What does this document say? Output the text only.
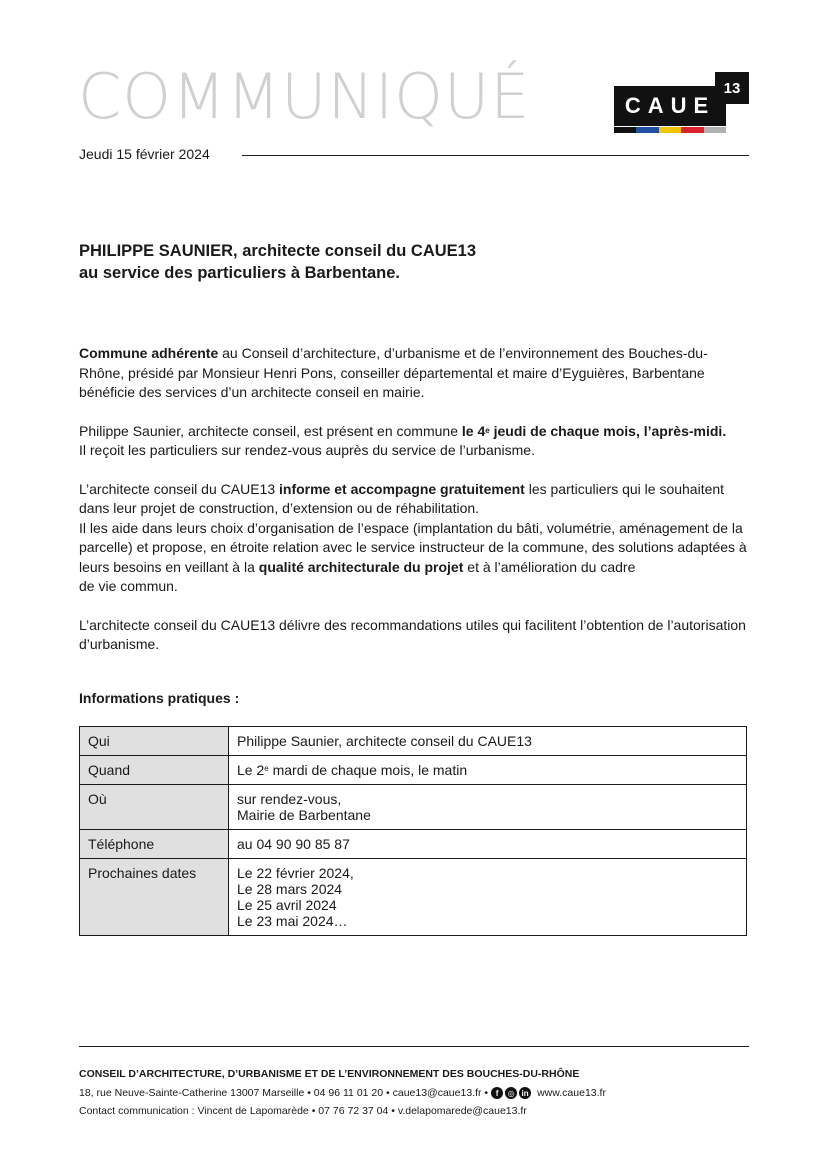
COMMUNIQUÉ
Jeudi 15 février 2024
CAUE
13
PHILIPPE SAUNIER, architecte conseil du CAUE13
au service des particuliers à Barbentane.

Commune adhérente au Conseil d’architecture, d’urbanisme et de l’environnement des Bouches-du-Rhône, présidé par Monsieur Henri Pons, conseiller départemental et maire d’Eyguières, Barbentane bénéficie des services d’un architecte conseil en mairie.

Philippe Saunier, architecte conseil, est présent en commune le 4e jeudi de chaque mois, l’après-midi.
Il reçoit les particuliers sur rendez-vous auprès du service de l’urbanisme.

L’architecte conseil du CAUE13 informe et accompagne gratuitement les particuliers qui le souhaitent dans leur projet de construction, d’extension ou de réhabilitation.
Il les aide dans leurs choix d’organisation de l’espace (implantation du bâti, volumétrie, aménagement de la parcelle) et propose, en étroite relation avec le service instructeur de la commune, des solutions adaptées à leurs besoins en veillant à la qualité architecturale du projet et à l’amélioration du cadre
de vie commun.

L’architecte conseil du CAUE13 délivre des recommandations utiles qui facilitent l’obtention de l’autorisation d’urbanisme.

Informations pratiques :
Qui	Philippe Saunier, architecte conseil du CAUE13
Quand	Le 2e mardi de chaque mois, le matin
Où	sur rendez-vous,
Mairie de Barbentane

Téléphone	au 04 90 90 85 87
Prochaines dates	Le 22 février 2024,
Le 28 mars 2024
Le 25 avril 2024
Le 23 mai 2024…
CONSEIL D’ARCHITECTURE, D’URBANISME ET DE L’ENVIRONNEMENT DES BOUCHES-DU-RHÔNE
18, rue Neuve-Sainte-Catherine 13007 Marseille • 04 96 11 01 20 • caue13@caue13.fr • f	◎ in www.caue13.fr
Contact communication : Vincent de Lapomarède • 07 76 72 37 04 • v.delapomarede@caue13.fr
